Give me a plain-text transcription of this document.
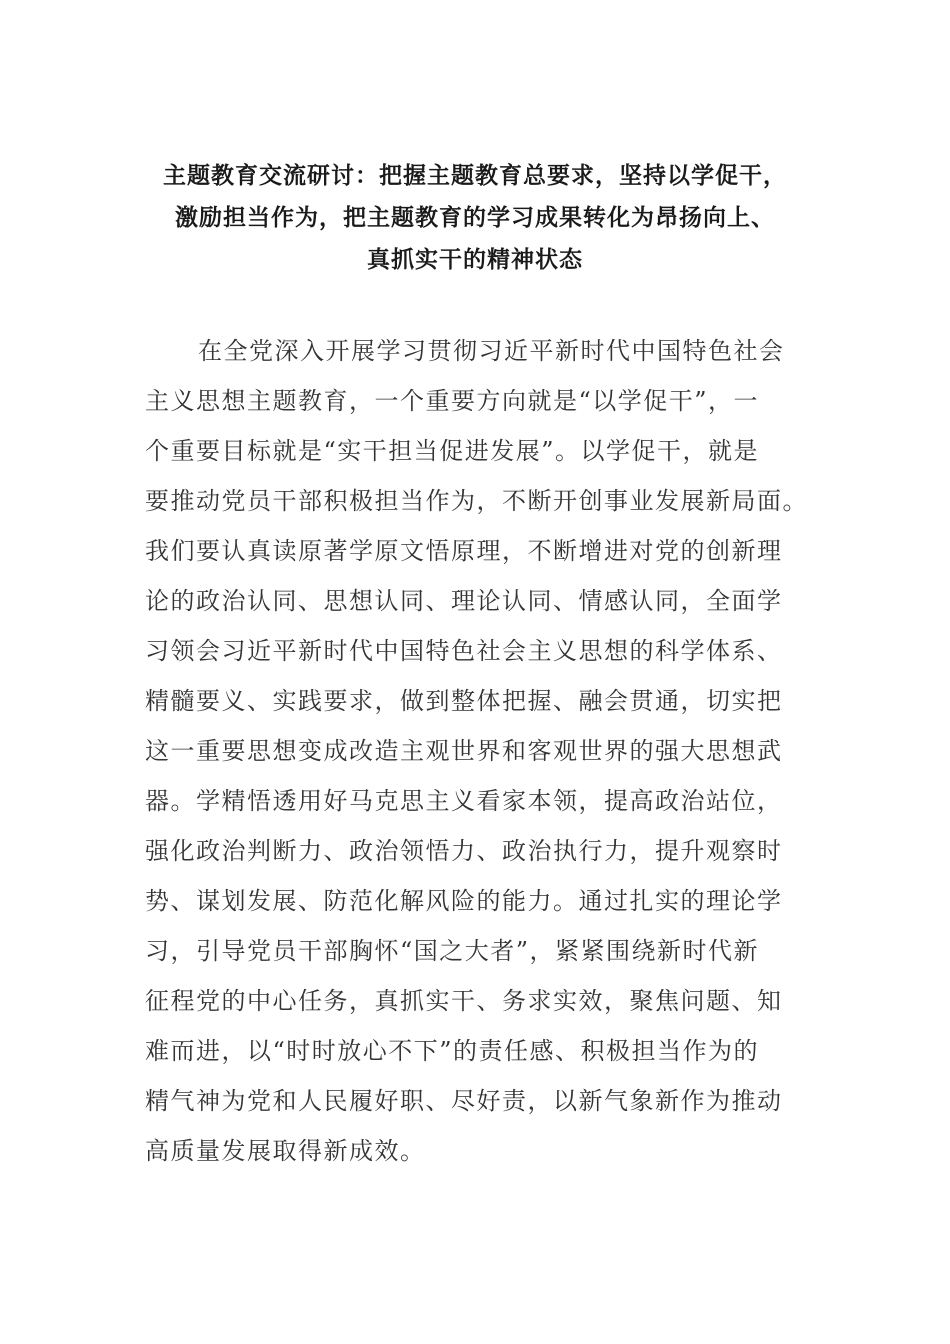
主题教育交流研讨：把握主题教育总要求，坚持以学促干，
激励担当作为，把主题教育的学习成果转化为昂扬向上、
真抓实干的精神状态
在全党深入开展学习贯彻习近平新时代中国特色社会
主义思想主题教育，一个重要方向就是“以学促干”，一
个重要目标就是“实干担当促进发展”。以学促干，就是
要推动党员干部积极担当作为，不断开创事业发展新局面。
我们要认真读原著学原文悟原理，不断增进对党的创新理
论的政治认同、思想认同、理论认同、情感认同，全面学
习领会习近平新时代中国特色社会主义思想的科学体系、
精髓要义、实践要求，做到整体把握、融会贯通，切实把
这一重要思想变成改造主观世界和客观世界的强大思想武
器。学精悟透用好马克思主义看家本领，提高政治站位，
强化政治判断力、政治领悟力、政治执行力，提升观察时
势、谋划发展、防范化解风险的能力。通过扎实的理论学
习，引导党员干部胸怀“国之大者”，紧紧围绕新时代新
征程党的中心任务，真抓实干、务求实效，聚焦问题、知
难而进，以“时时放心不下”的责任感、积极担当作为的
精气神为党和人民履好职、尽好责，以新气象新作为推动
高质量发展取得新成效。
